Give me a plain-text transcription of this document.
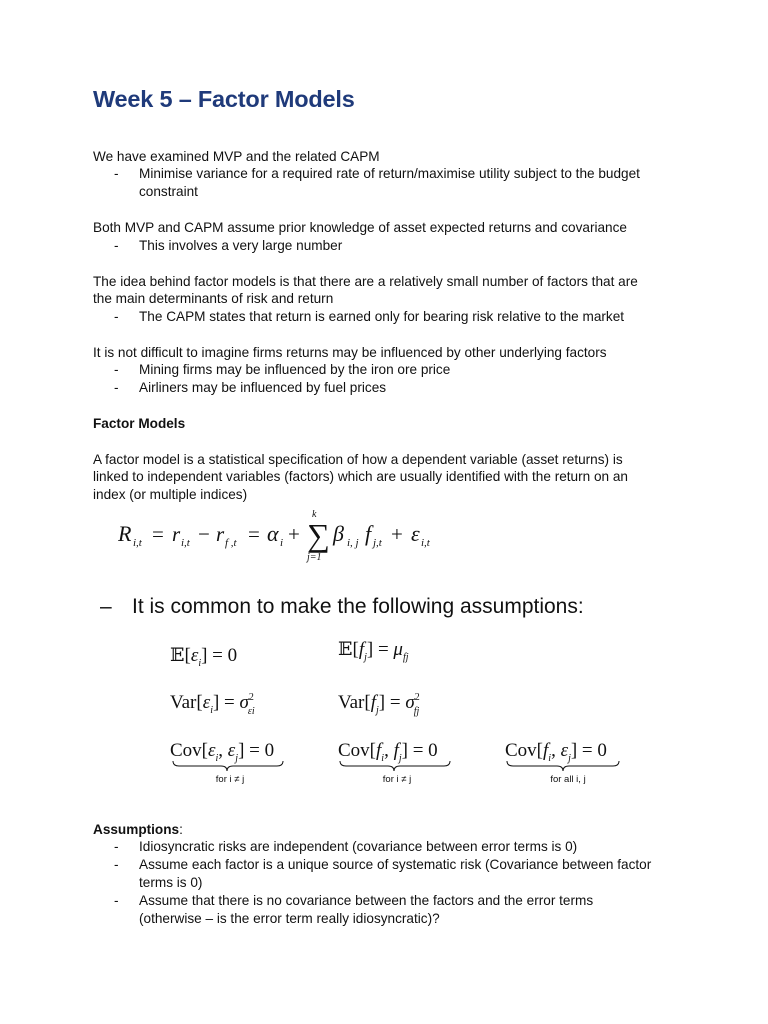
Week 5 – Factor Models
We have examined MVP and the related CAPM
- Minimise variance for a required rate of return/maximise utility subject to the budget
constraint
Both MVP and CAPM assume prior knowledge of asset expected returns and covariance
- This involves a very large number
The idea behind factor models is that there are a relatively small number of factors that are
the main determinants of risk and return
- The CAPM states that return is earned only for bearing risk relative to the market
It is not difficult to imagine firms returns may be influenced by other underlying factors
- Mining firms may be influenced by the iron ore price
- Airliners may be influenced by fuel prices
Factor Models
A factor model is a statistical specification of how a dependent variable (asset returns) is
linked to independent variables (factors) which are usually identified with the return on an
index (or multiple indices)
R i,t = r i,t − r f ,t = α i + ∑
k
j=1
β i, j f j,t + ε i,t
– It is common to make the following assumptions:
$𝔼[\varepsilon_i] = 0$	$𝔼[f_j] = \mu_{fj}$
$Var[\varepsilon_i] = \sigma^2$ εi	$Var[f_j] = \sigma^2$ fj
$Cov[\varepsilon_i$, $\varepsilon_j] = 0$	$Cov[f_i$, $f_j] = 0$	$Cov[f_i$, $\varepsilon_j] = 0$
for i ≠ j	for i ≠ j	for all i, j
Assumptions:
- Idiosyncratic risks are independent (covariance between error terms is 0)
- Assume each factor is a unique source of systematic risk (Covariance between factor
terms is 0)
- Assume that there is no covariance between the factors and the error terms
(otherwise – is the error term really idiosyncratic)?
